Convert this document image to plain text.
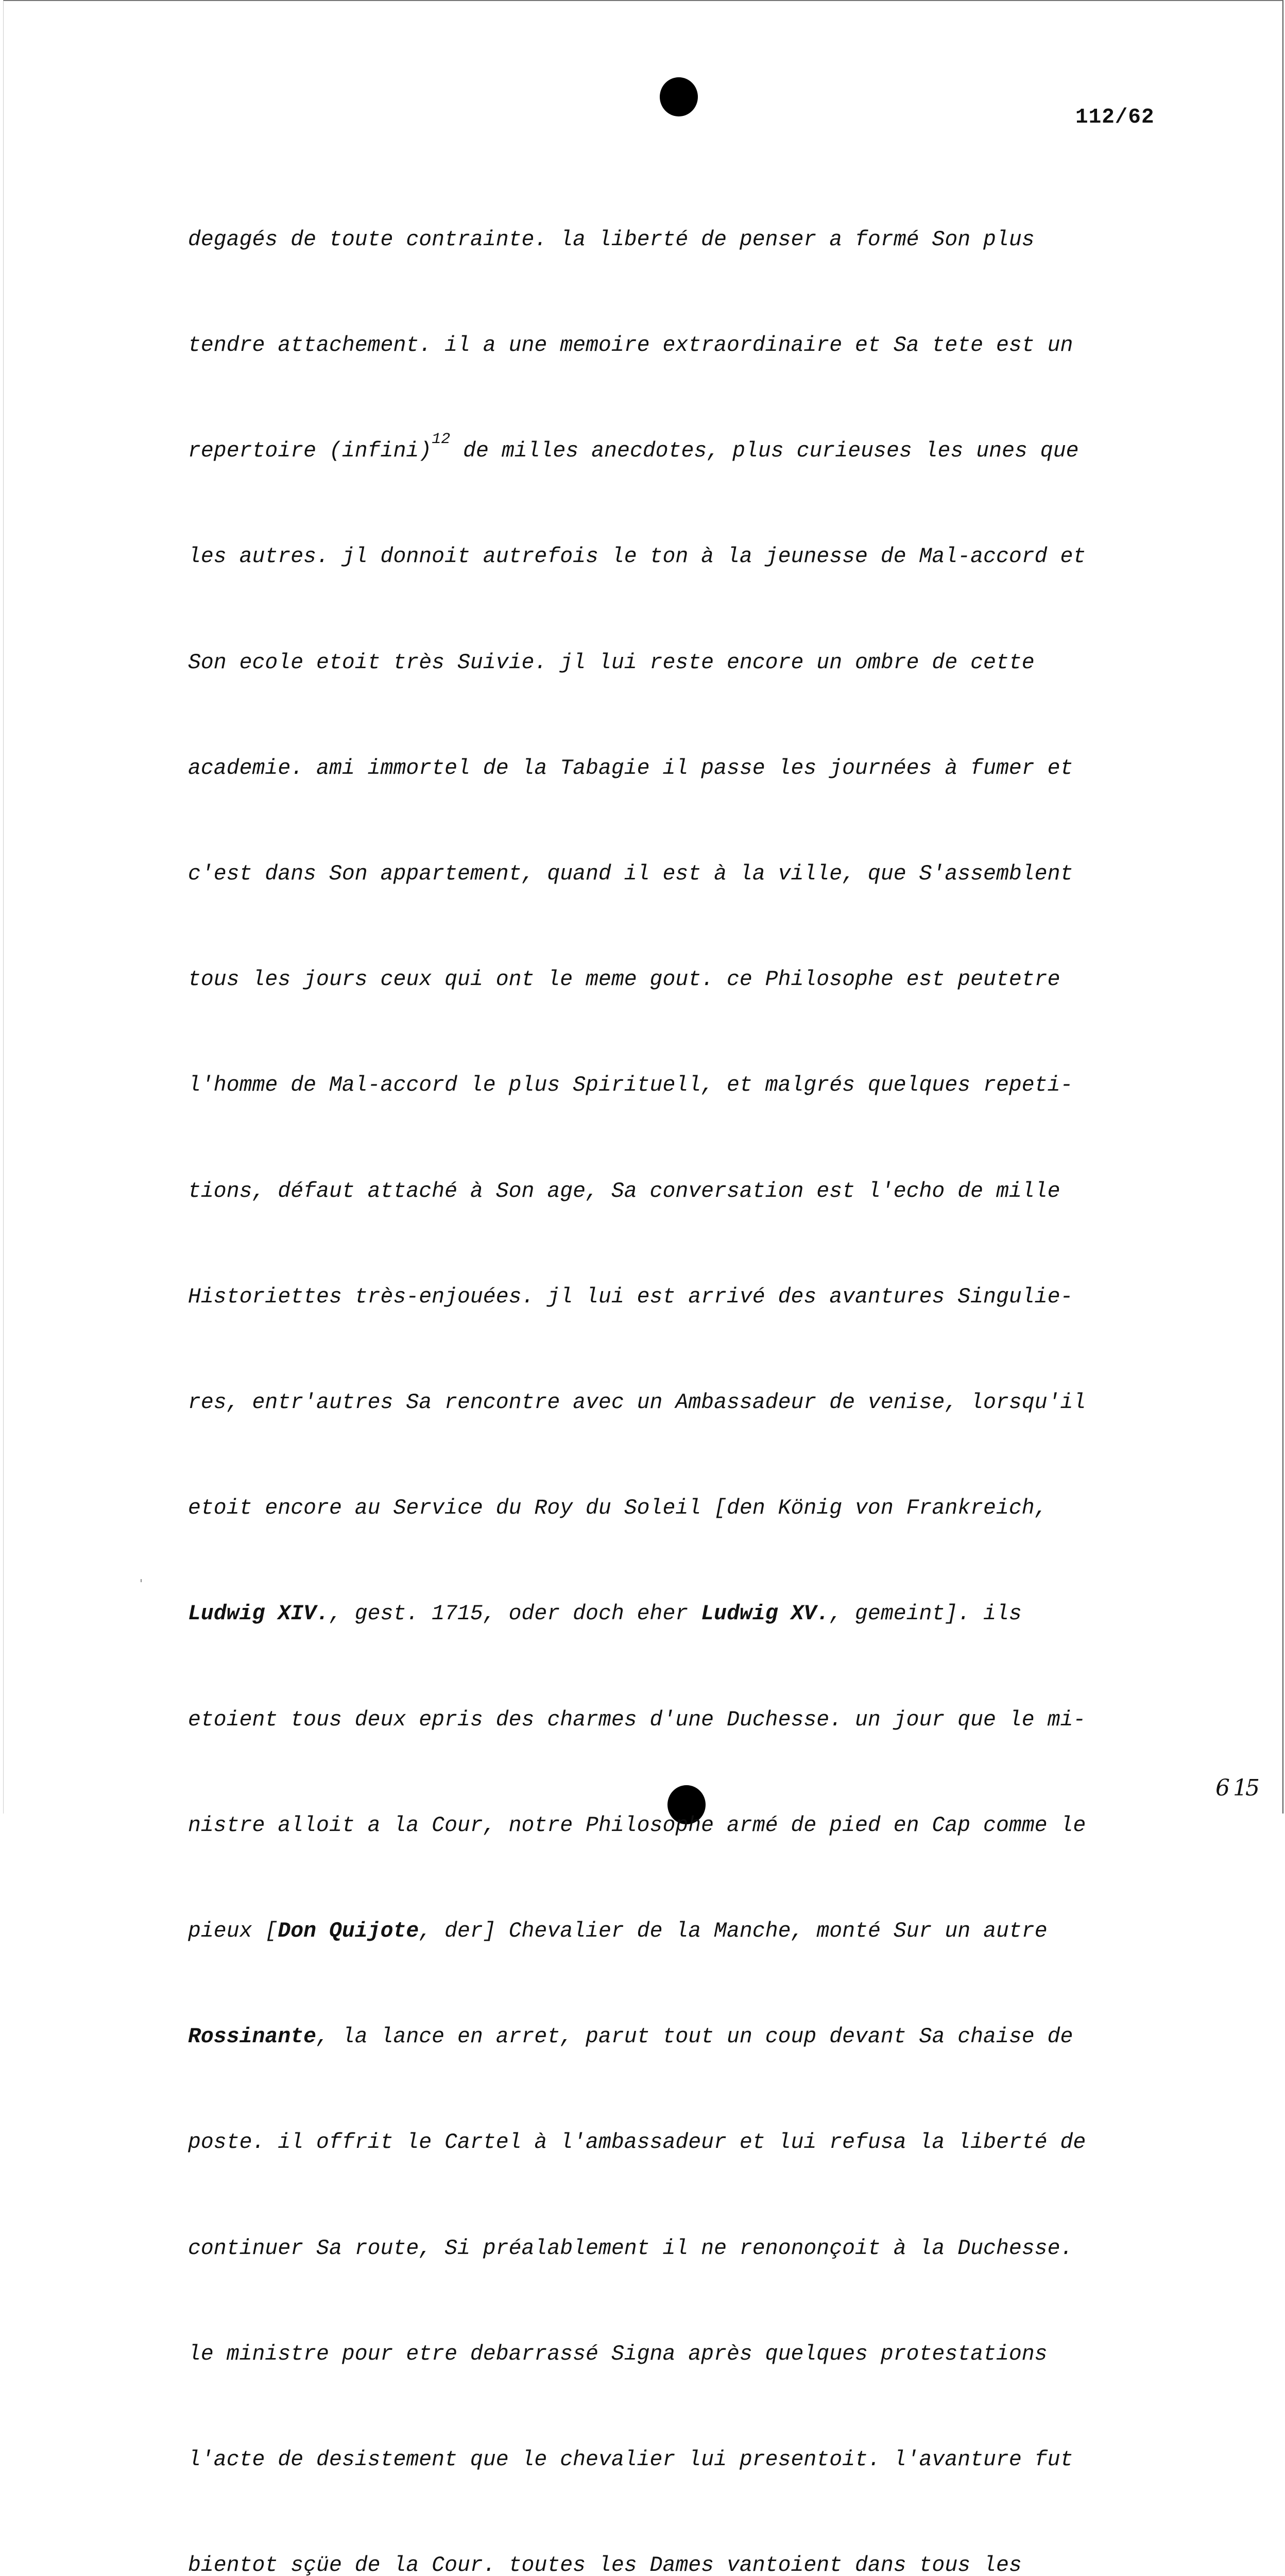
112/62

degagés de toute contrainte. la liberté de penser a formé Son plus

tendre attachement. il a une memoire extraordinaire et Sa tete est un

repertoire (infini)$^{12}$ de milles anecdotes, plus curieuses les unes que

les autres. jl donnoit autrefois le ton à la jeunesse de Mal-accord et

Son ecole etoit très Suivie. jl lui reste encore un ombre de cette

academie. ami immortel de la Tabagie il passe les journées à fumer et

c'est dans Son appartement, quand il est à la ville, que S'assemblent

tous les jours ceux qui ont le meme gout. ce Philosophe est peutetre

l'homme de Mal-accord le plus Spirituell, et malgrés quelques repeti-

tions, défaut attaché à Son age, Sa conversation est l'echo de mille

Historiettes très-enjouées. jl lui est arrivé des avantures Singulie-

res, entr'autres Sa rencontre avec un Ambassadeur de venise, lorsqu'il

etoit encore au Service du Roy du Soleil [den König von Frankreich,

Ludwig XIV., gest. 1715, oder doch eher Ludwig XV., gemeint]. ils

etoient tous deux epris des charmes d'une Duchesse. un jour que le mi-

nistre alloit a la Cour, notre Philosophe armé de pied en Cap comme le

pieux [Don Quijote, der] Chevalier de la Manche, monté Sur un autre

Rossinante, la lance en arret, parut tout un coup devant Sa chaise de

poste. il offrit le Cartel à l'ambassadeur et lui refusa la liberté de

continuer Sa route, Si préalablement il ne renononçoit à la Duchesse.

le ministre pour etre debarrassé Signa après quelques protestations

l'acte de desistement que le chevalier lui presentoit. l'avanture fut

bientot sçüe de la Cour. toutes les Dames vantoient dans tous les

6 15
